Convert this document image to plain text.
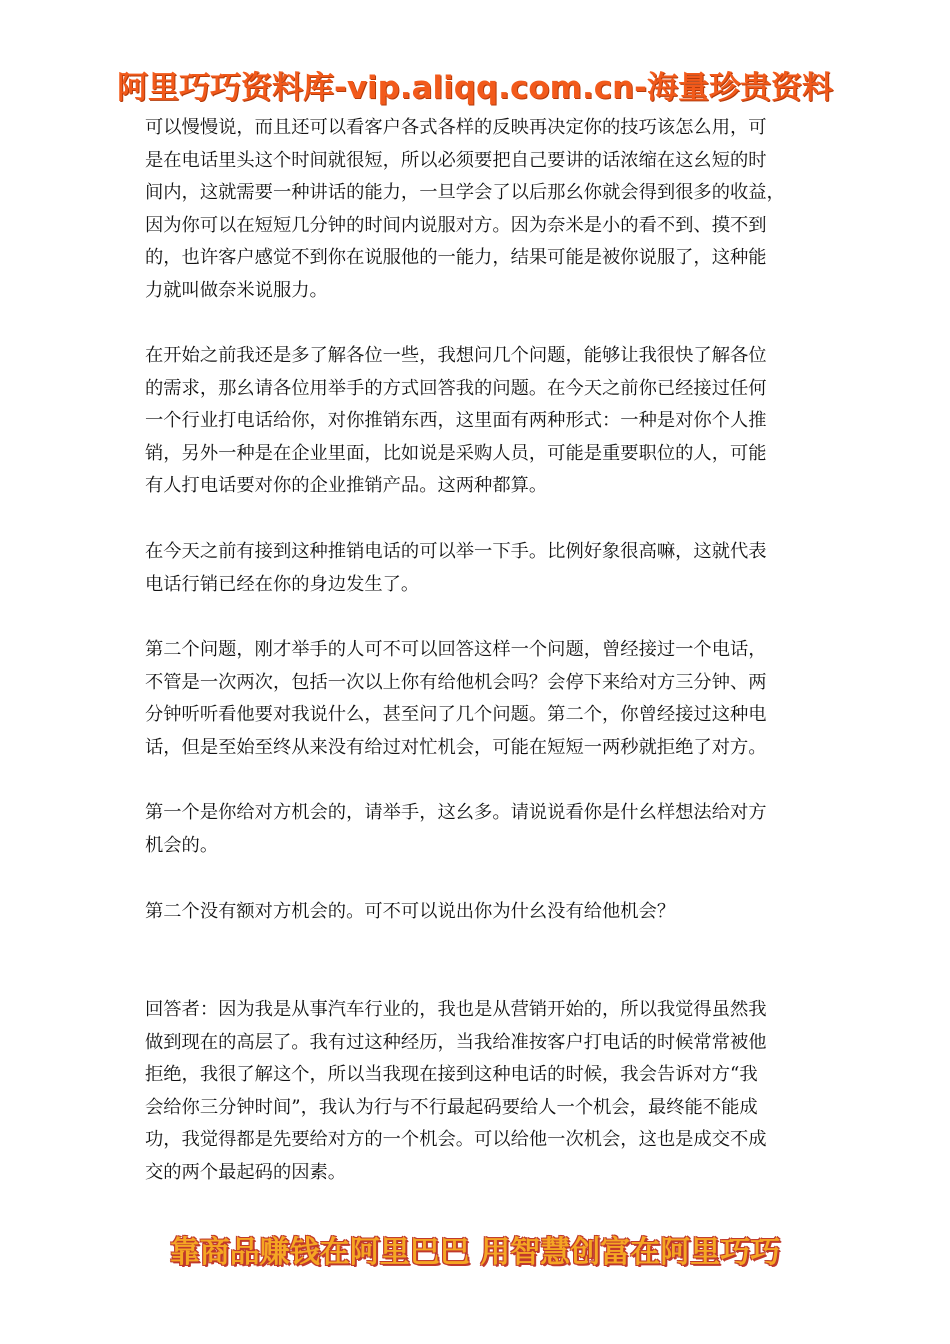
阿里巧巧资料库-vip.aliqq.com.cn-海量珍贵资料
可以慢慢说，而且还可以看客户各式各样的反映再决定你的技巧该怎么用，可
是在电话里头这个时间就很短，所以必须要把自己要讲的话浓缩在这幺短的时
间内，这就需要一种讲话的能力，一旦学会了以后那幺你就会得到很多的收益，
因为你可以在短短几分钟的时间内说服对方。因为奈米是小的看不到、摸不到
的，也许客户感觉不到你在说服他的一能力，结果可能是被你说服了，这种能
力就叫做奈米说服力。
在开始之前我还是多了解各位一些，我想问几个问题，能够让我很快了解各位
的需求，那幺请各位用举手的方式回答我的问题。在今天之前你已经接过任何
一个行业打电话给你，对你推销东西，这里面有两种形式：一种是对你个人推
销，另外一种是在企业里面，比如说是采购人员，可能是重要职位的人，可能
有人打电话要对你的企业推销产品。这两种都算。
在今天之前有接到这种推销电话的可以举一下手。比例好象很高嘛，这就代表
电话行销已经在你的身边发生了。
第二个问题，刚才举手的人可不可以回答这样一个问题，曾经接过一个电话，
不管是一次两次，包括一次以上你有给他机会吗？会停下来给对方三分钟、两
分钟听听看他要对我说什么，甚至问了几个问题。第二个，你曾经接过这种电
话，但是至始至终从来没有给过对忙机会，可能在短短一两秒就拒绝了对方。
第一个是你给对方机会的，请举手，这幺多。请说说看你是什幺样想法给对方
机会的。
第二个没有额对方机会的。可不可以说出你为什幺没有给他机会？
回答者：因为我是从事汽车行业的，我也是从营销开始的，所以我觉得虽然我
做到现在的高层了。我有过这种经历，当我给准按客户打电话的时候常常被他
拒绝，我很了解这个，所以当我现在接到这种电话的时候，我会告诉对方“我
会给你三分钟时间”，我认为行与不行最起码要给人一个机会，最终能不能成
功，我觉得都是先要给对方的一个机会。可以给他一次机会，这也是成交不成
交的两个最起码的因素。
靠商品赚钱在阿里巴巴 用智慧创富在阿里巧巧
